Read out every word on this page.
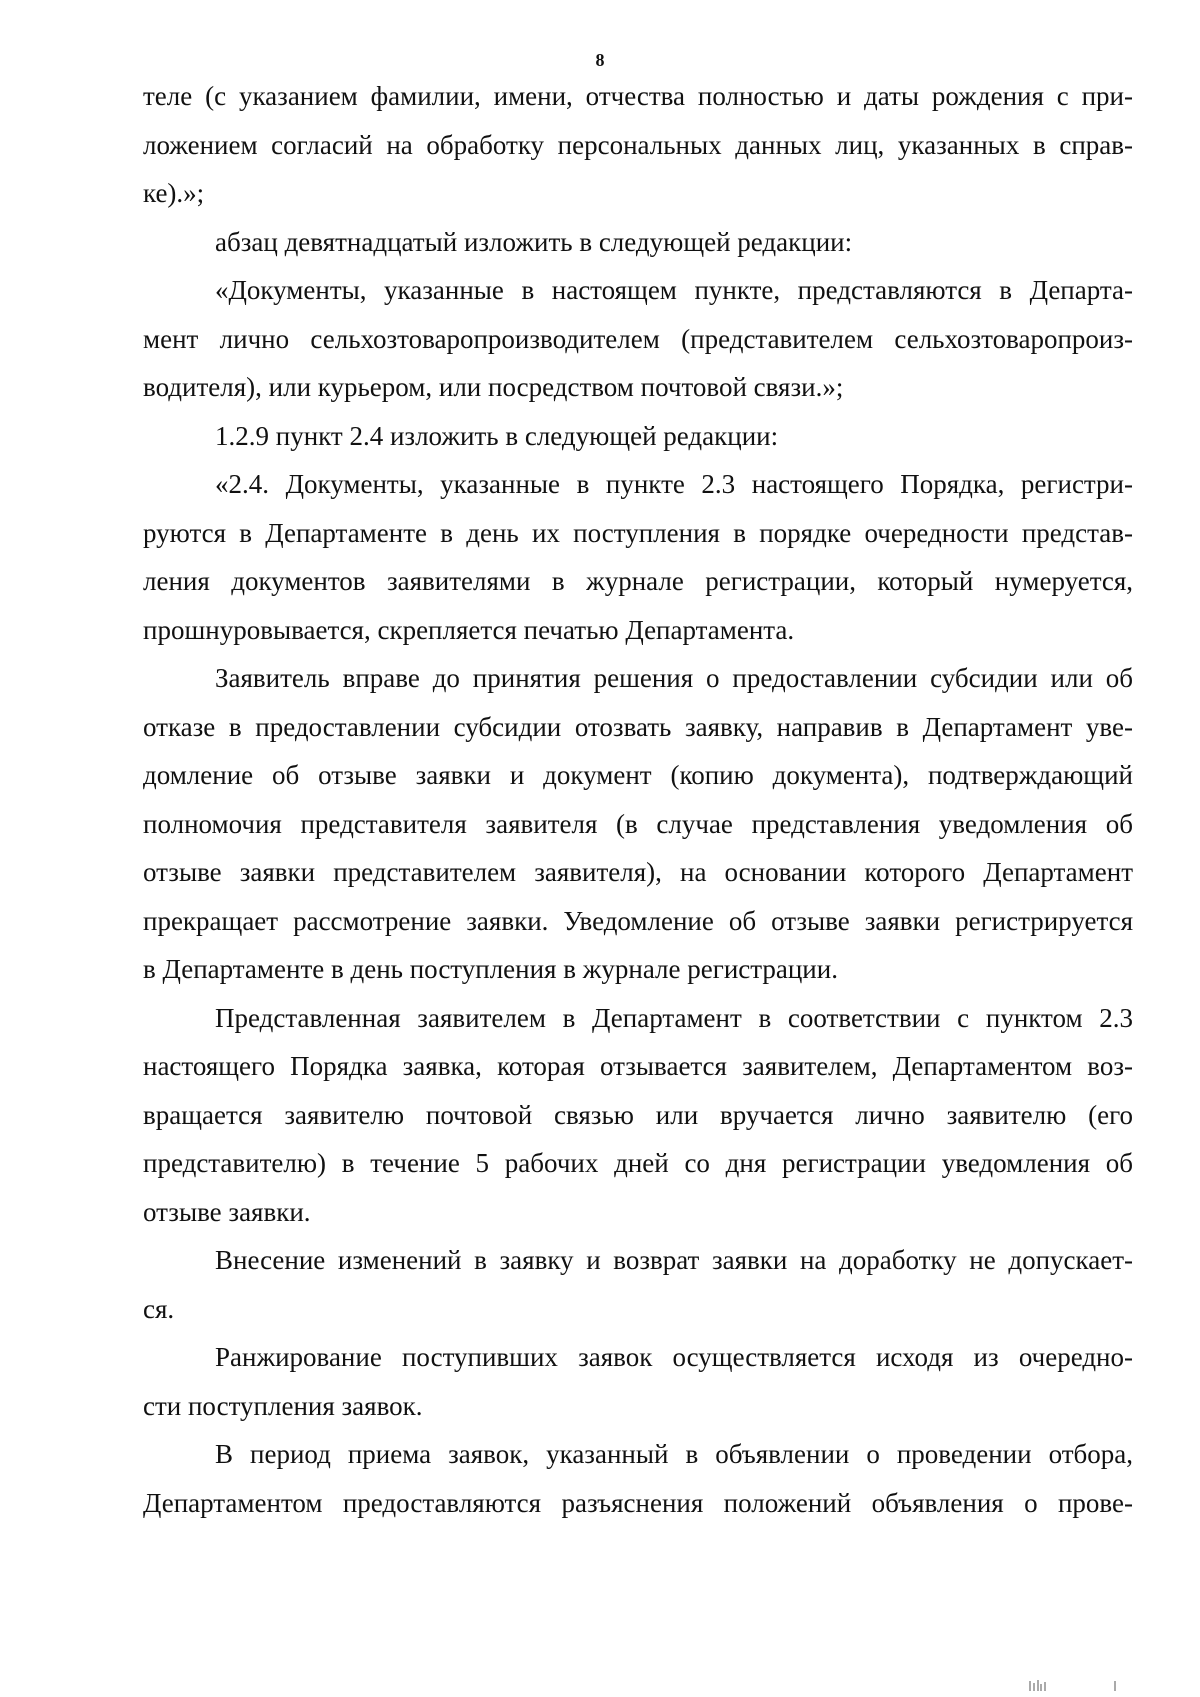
8

теле (с указанием фамилии, имени, отчества полностью и даты рождения с при-
ложением согласий на обработку персональных данных лиц, указанных в справ-
ке).»;

абзац девятнадцатый изложить в следующей редакции:

«Документы, указанные в настоящем пункте, представляются в Департа-
мент лично сельхозтоваропроизводителем (представителем сельхозтоваропроиз-
водителя), или курьером, или посредством почтовой связи.»;

1.2.9 пункт 2.4 изложить в следующей редакции:

«2.4. Документы, указанные в пункте 2.3 настоящего Порядка, регистри-
руются в Департаменте в день их поступления в порядке очередности представ-
ления документов заявителями в журнале регистрации, который нумеруется,
прошнуровывается, скрепляется печатью Департамента.

Заявитель вправе до принятия решения о предоставлении субсидии или об
отказе в предоставлении субсидии отозвать заявку, направив в Департамент уве-
домление об отзыве заявки и документ (копию документа), подтверждающий
полномочия представителя заявителя (в случае представления уведомления об
отзыве заявки представителем заявителя), на основании которого Департамент
прекращает рассмотрение заявки. Уведомление об отзыве заявки регистрируется
в Департаменте в день поступления в журнале регистрации.

Представленная заявителем в Департамент в соответствии с пунктом 2.3
настоящего Порядка заявка, которая отзывается заявителем, Департаментом воз-
вращается заявителю почтовой связью или вручается лично заявителю (его
представителю) в течение 5 рабочих дней со дня регистрации уведомления об
отзыве заявки.

Внесение изменений в заявку и возврат заявки на доработку не допускает-
ся.

Ранжирование поступивших заявок осуществляется исходя из очередно-
сти поступления заявок.

В период приема заявок, указанный в объявлении о проведении отбора,
Департаментом предоставляются разъяснения положений объявления о прове-
